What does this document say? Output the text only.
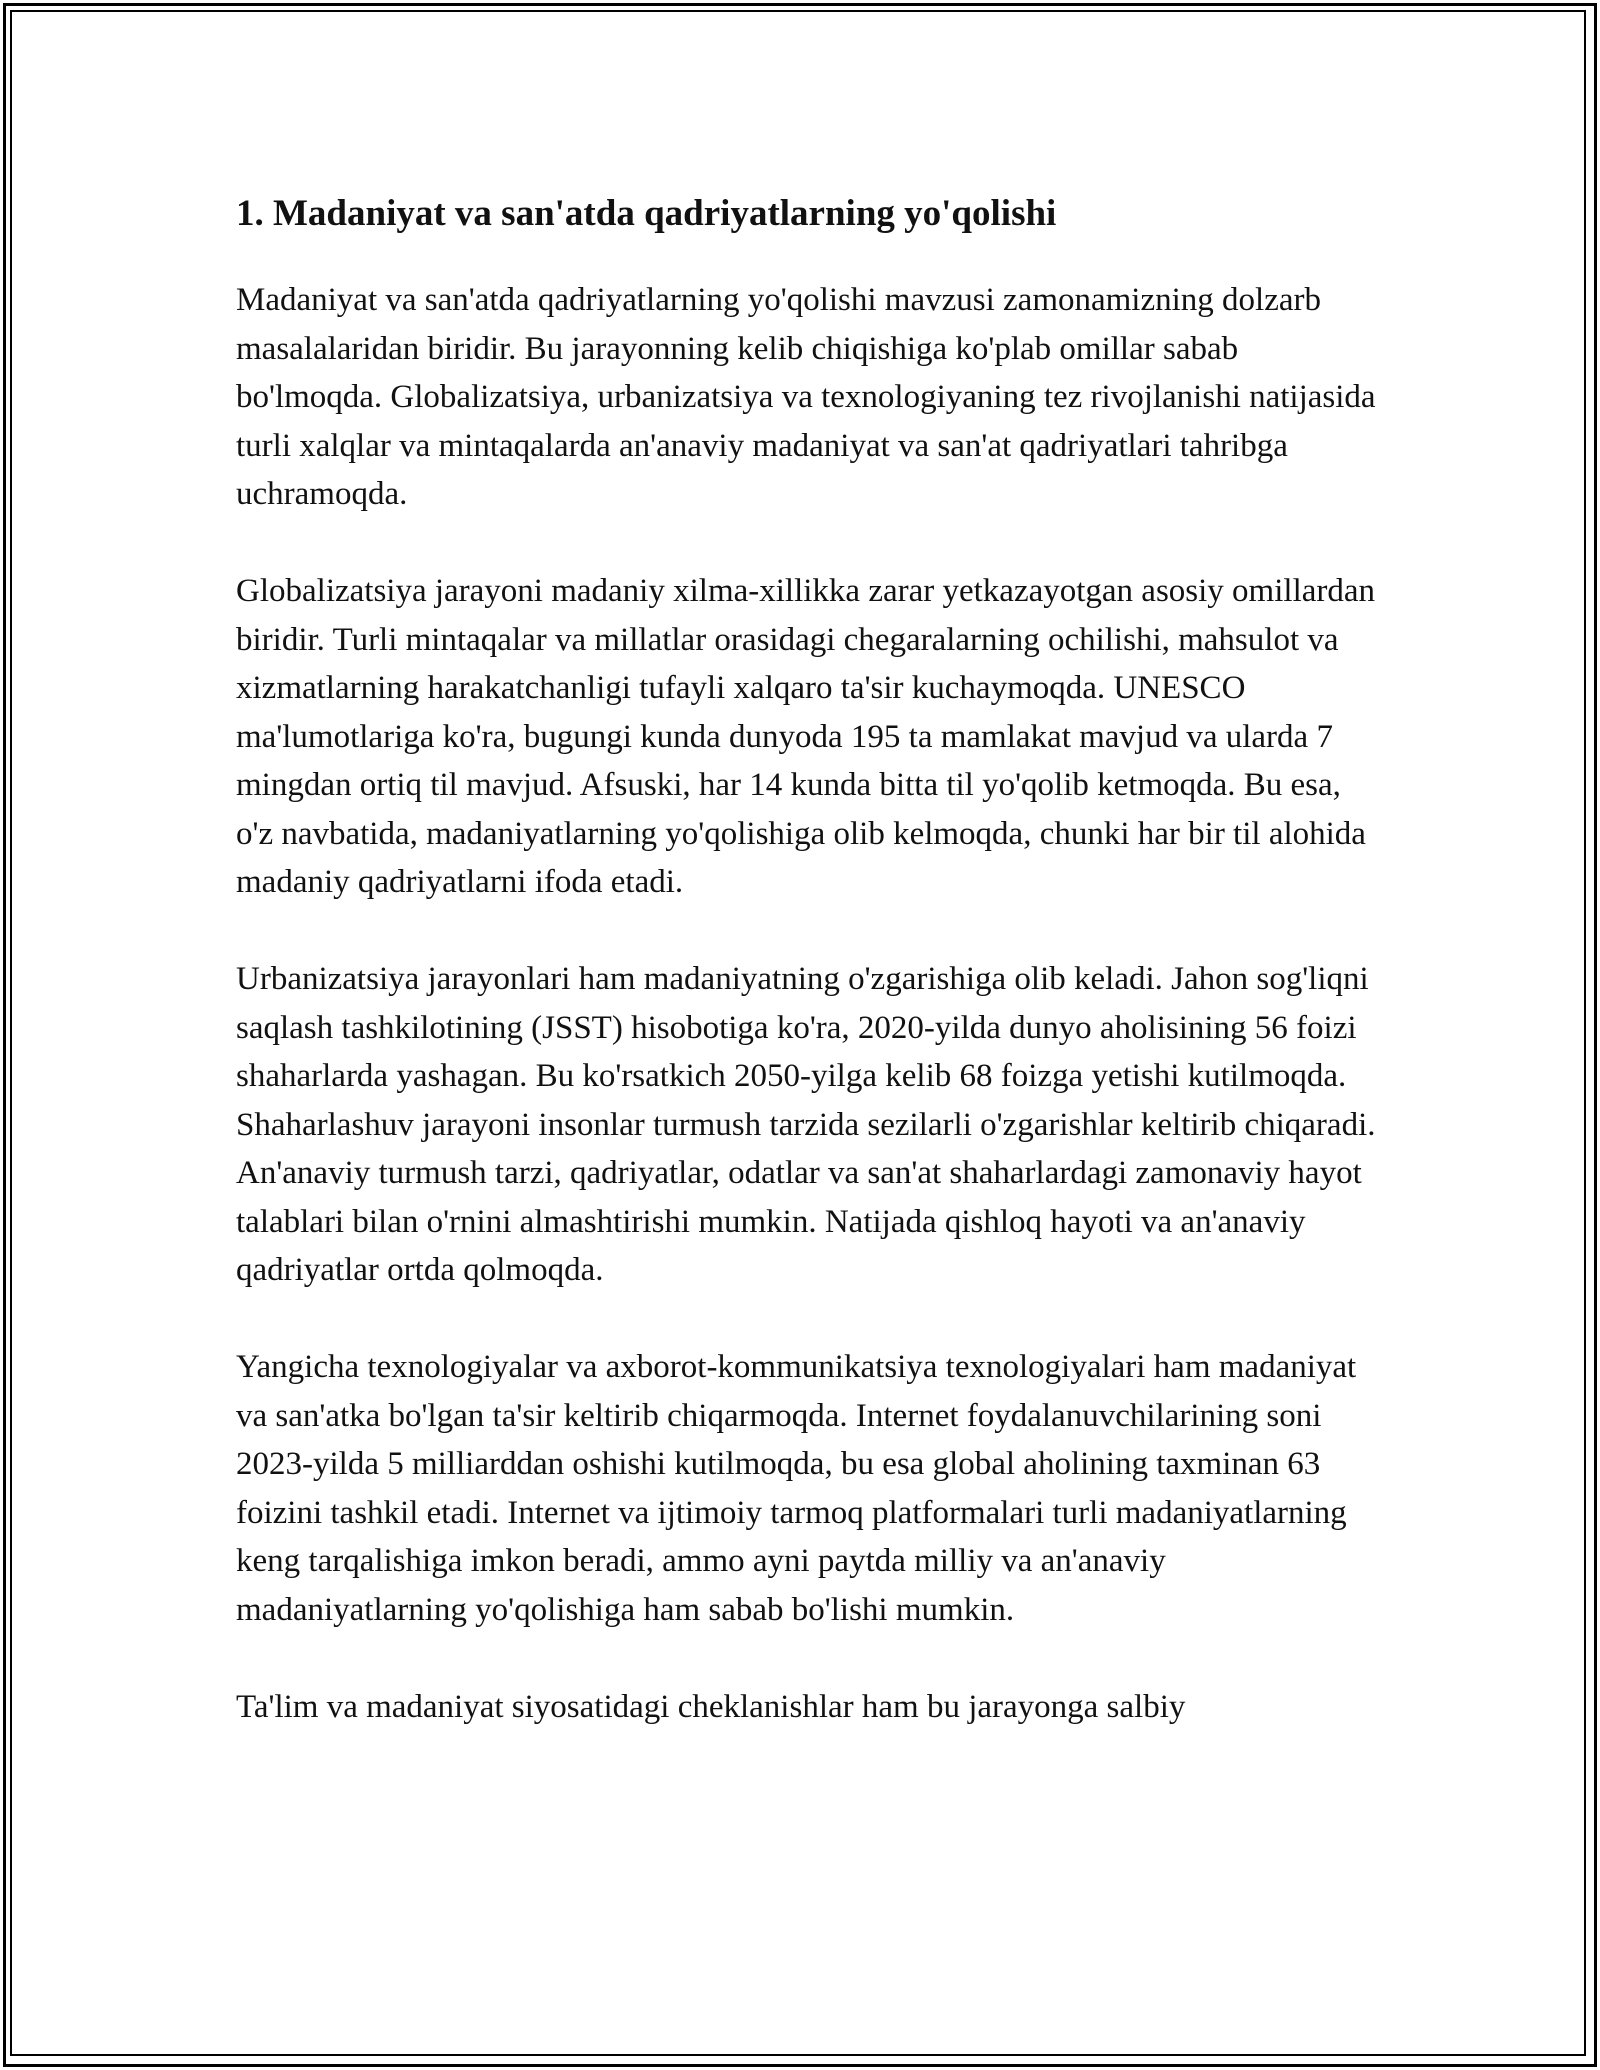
1. Madaniyat va san'atda qadriyatlarning yo'qolishi

Madaniyat va san'atda qadriyatlarning yo'qolishi mavzusi zamonamizning dolzarb masalalaridan biridir. Bu jarayonning kelib chiqishiga ko'plab omillar sabab bo'lmoqda. Globalizatsiya, urbanizatsiya va texnologiyaning tez rivojlanishi natijasida turli xalqlar va mintaqalarda an'anaviy madaniyat va san'at qadriyatlari tahribga uchramoqda.

Globalizatsiya jarayoni madaniy xilma-xillikka zarar yetkazayotgan asosiy omillardan biridir. Turli mintaqalar va millatlar orasidagi chegaralarning ochilishi, mahsulot va xizmatlarning harakatchanligi tufayli xalqaro ta'sir kuchaymoqda. UNESCO ma'lumotlariga ko'ra, bugungi kunda dunyoda 195 ta mamlakat mavjud va ularda 7 mingdan ortiq til mavjud. Afsuski, har 14 kunda bitta til yo'qolib ketmoqda. Bu esa, o'z navbatida, madaniyatlarning yo'qolishiga olib kelmoqda, chunki har bir til alohida madaniy qadriyatlarni ifoda etadi.

Urbanizatsiya jarayonlari ham madaniyatning o'zgarishiga olib keladi. Jahon sog'liqni saqlash tashkilotining (JSST) hisobotiga ko'ra, 2020-yilda dunyo aholisining 56 foizi shaharlarda yashagan. Bu ko'rsatkich 2050-yilga kelib 68 foizga yetishi kutilmoqda. Shaharlashuv jarayoni insonlar turmush tarzida sezilarli o'zgarishlar keltirib chiqaradi. An'anaviy turmush tarzi, qadriyatlar, odatlar va san'at shaharlardagi zamonaviy hayot talablari bilan o'rnini almashtirishi mumkin. Natijada qishloq hayoti va an'anaviy qadriyatlar ortda qolmoqda.

Yangicha texnologiyalar va axborot-kommunikatsiya texnologiyalari ham madaniyat va san'atka bo'lgan ta'sir keltirib chiqarmoqda. Internet foydalanuvchilarining soni 2023-yilda 5 milliarddan oshishi kutilmoqda, bu esa global aholining taxminan 63 foizini tashkil etadi. Internet va ijtimoiy tarmoq platformalari turli madaniyatlarning keng tarqalishiga imkon beradi, ammo ayni paytda milliy va an'anaviy madaniyatlarning yo'qolishiga ham sabab bo'lishi mumkin.

Ta'lim va madaniyat siyosatidagi cheklanishlar ham bu jarayonga salbiy
